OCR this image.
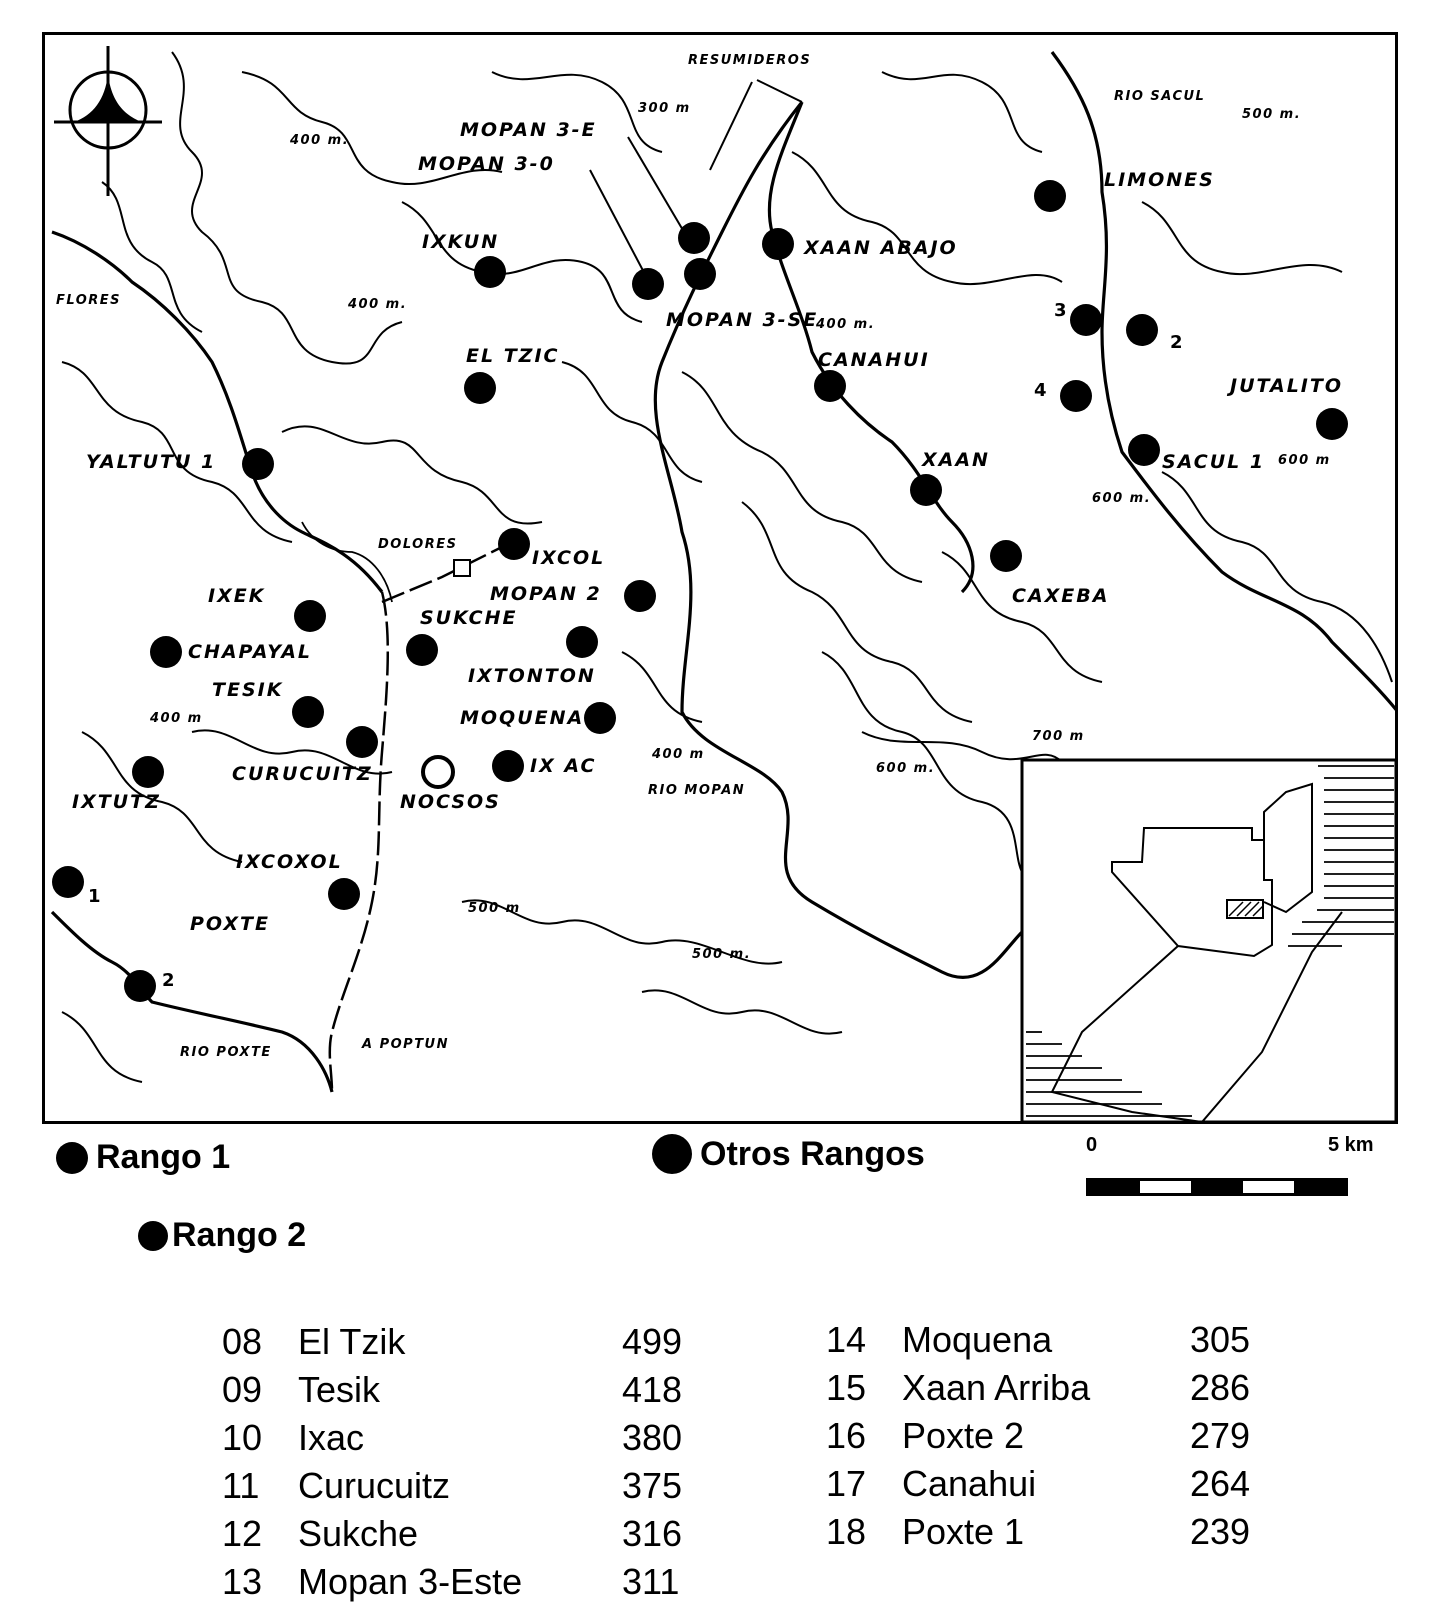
RESUMIDEROS
MOPAN 3-E
MOPAN 3-0
IXKUN	XAAN ABAJO
LIMONES
RIO SACUL
FLORES
MOPAN 3-SE
EL TZIC	CANAHUI
JUTALITO
YALTUTU 1	XAAN	SACUL 1
DOLORES
IXCOL
MOPAN 2	CAXEBA
IXEK
SUKCHE
CHAPAYAL
IXTONTON
TESIK
MOQUENA
CURUCUITZ	IX AC
NOCSOS
RIO MOPAN
IXTUTZ
IXCOXOL
POXTE
RIO POXTE
A POPTUN
400 m.
300 m	500 m.
400 m.
400 m.
600 m.
600 m
400 m
400 m
700 m
600 m.
500 m
500 m.
1
2
3
4
2
Rango 1	Otros Rangos
Rango 2
0	5 km
08 El Tzik	499
09 Tesik	418
10 Ixac	380
11 Curucuitz	375
12 Sukche	316
13 Mopan 3-Este	311
14 Moquena	305
15 Xaan Arriba	286
16 Poxte 2	279
17 Canahui	264
18 Poxte 1	239
